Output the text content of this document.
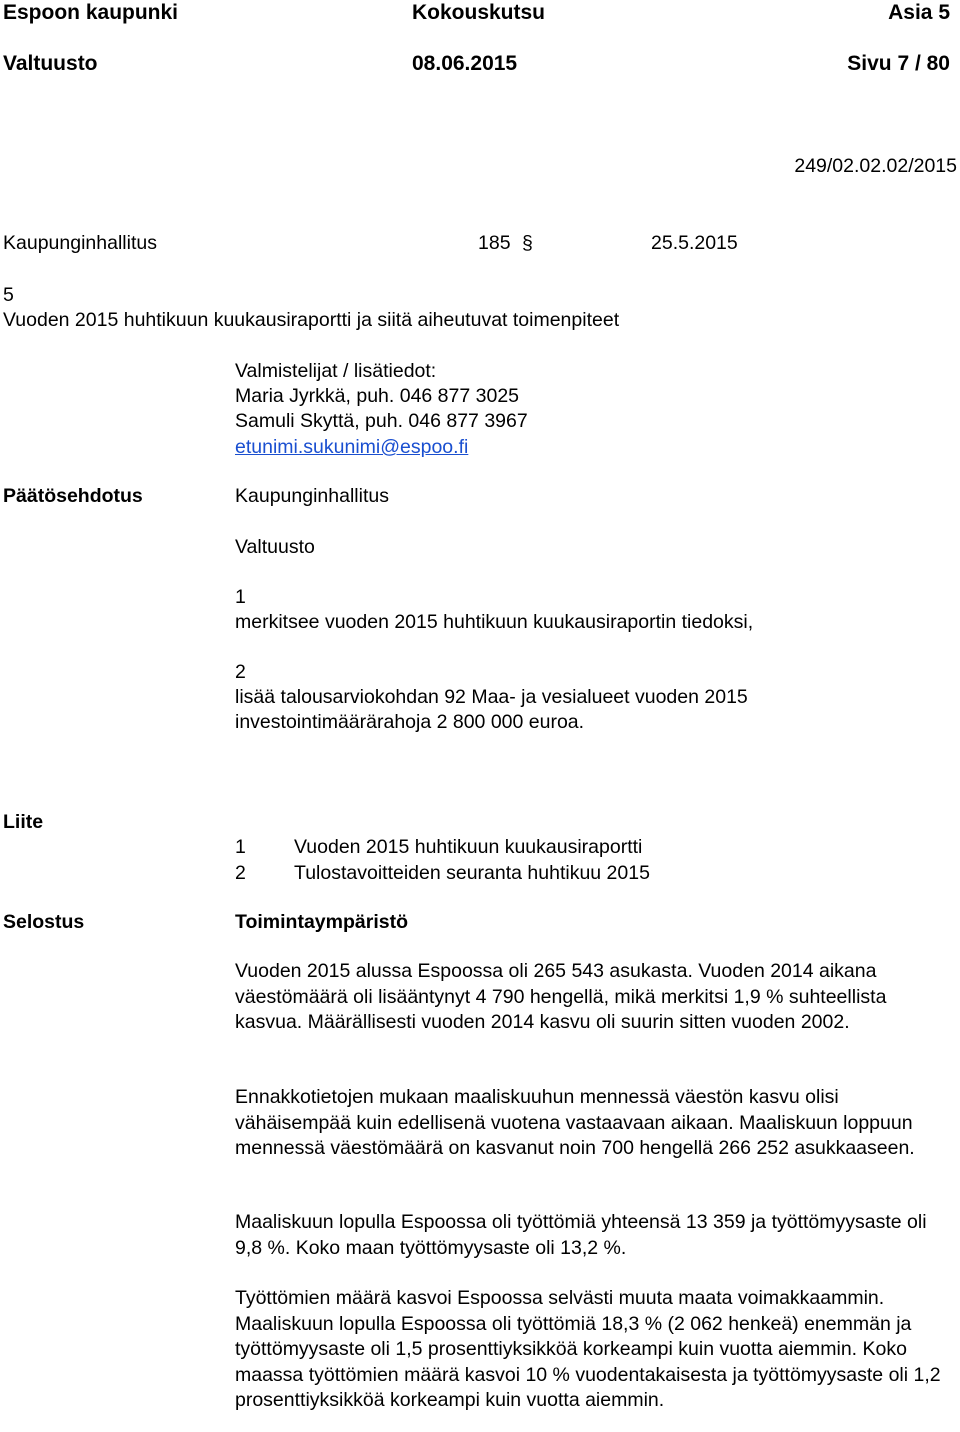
Espoon kaupunki	Kokouskutsu	Asia 5
Valtuusto	08.06.2015	Sivu 7 / 80
249/02.02.02/2015
Kaupunginhallitus	185 §	25.5.2015
5
Vuoden 2015 huhtikuun kuukausiraportti ja siitä aiheutuvat toimenpiteet
Valmistelijat / lisätiedot:
Maria Jyrkkä, puh. 046 877 3025
Samuli Skyttä, puh. 046 877 3967
etunimi.sukunimi@espoo.fi
Päätösehdotus	Kaupunginhallitus
Valtuusto
1
merkitsee vuoden 2015 huhtikuun kuukausiraportin tiedoksi,
2
lisää talousarviokohdan 92 Maa- ja vesialueet vuoden 2015
investointimäärärahoja 2 800 000 euroa.
Liite
1 Vuoden 2015 huhtikuun kuukausiraportti
2 Tulostavoitteiden seuranta huhtikuu 2015
Selostus	Toimintaympäristö
Vuoden 2015 alussa Espoossa oli 265 543 asukasta. Vuoden 2014 aikana väestömäärä oli lisääntynyt 4 790 hengellä, mikä merkitsi 1,9 % suhteellista kasvua. Määrällisesti vuoden 2014 kasvu oli suurin sitten vuoden 2002.
Ennakkotietojen mukaan maaliskuuhun mennessä väestön kasvu olisi vähäisempää kuin edellisenä vuotena vastaavaan aikaan. Maaliskuun loppuun mennessä väestömäärä on kasvanut noin 700 hengellä 266 252 asukkaaseen.
Maaliskuun lopulla Espoossa oli työttömiä yhteensä 13 359 ja työttömyysaste oli 9,8 %. Koko maan työttömyysaste oli 13,2 %.
Työttömien määrä kasvoi Espoossa selvästi muuta maata voimakkaammin. Maaliskuun lopulla Espoossa oli työttömiä 18,3 % (2 062 henkeä) enemmän ja työttömyysaste oli 1,5 prosenttiyksikköä korkeampi kuin vuotta aiemmin. Koko maassa työttömien määrä kasvoi 10 % vuodentakaisesta ja työttömyysaste oli 1,2 prosenttiyksikköä korkeampi kuin vuotta aiemmin.
